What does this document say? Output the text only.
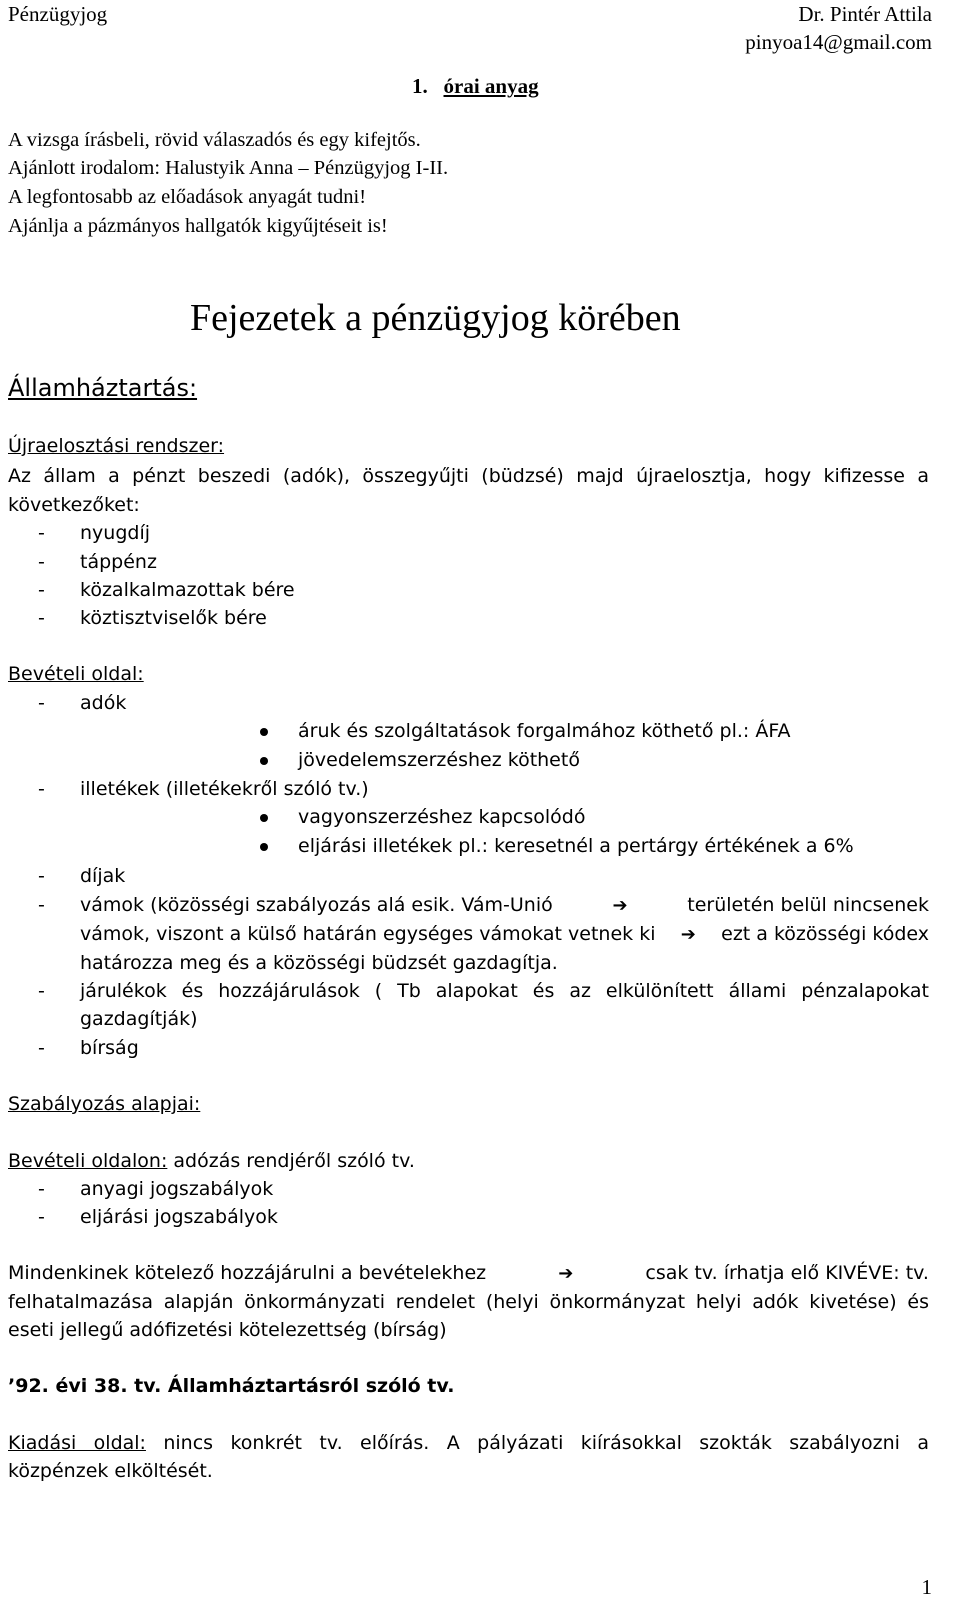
Pénzügyjog	Dr. Pintér Attila
pinyoa14@gmail.com
1. órai anyag
A vizsga írásbeli, rövid válaszadós és egy kifejtős.
Ajánlott irodalom: Halustyik Anna – Pénzügyjog I-II.
A legfontosabb az előadások anyagát tudni!
Ajánlja a pázmányos hallgatók kigyűjtéseit is!
Fejezetek a pénzügyjog körében
Államháztartás:
Újraelosztási rendszer:
Az állam a pénzt beszedi (adók), összegyűjti (büdzsé) majd újraelosztja, hogy kifizesse a
következőket:
- nyugdíj
- táppénz
- közalkalmazottak bére
- köztisztviselők bére
Bevételi oldal:
- adók
áruk és szolgáltatások forgalmához köthető pl.: ÁFA
jövedelemszerzéshez köthető
- illetékek (illetékekről szóló tv.)
vagyonszerzéshez kapcsolódó
eljárási illetékek pl.: keresetnél a pertárgy értékének a 6%
- díjak
- vámok (közösségi szabályozás alá esik. Vám-Unió	➔	területén belül nincsenek
vámok, viszont a külső határán egységes vámokat vetnek ki ➔ ezt a közösségi kódex
határozza meg és a közösségi büdzsét gazdagítja.
- járulékok és hozzájárulások ( Tb alapokat és az elkülönített állami pénzalapokat
gazdagítják)
- bírság
Szabályozás alapjai:
Bevételi oldalon: adózás rendjéről szóló tv.
- anyagi jogszabályok
- eljárási jogszabályok
Mindenkinek kötelező hozzájárulni a bevételekhez	➔	csak tv. írhatja elő KIVÉVE: tv.
felhatalmazása alapján önkormányzati rendelet (helyi önkormányzat helyi adók kivetése) és
eseti jellegű adófizetési kötelezettség (bírság)
’92. évi 38. tv. Államháztartásról szóló tv.
Kiadási oldal: nincs konkrét tv. előírás. A pályázati kiírásokkal szokták szabályozni a
közpénzek elköltését.
1
